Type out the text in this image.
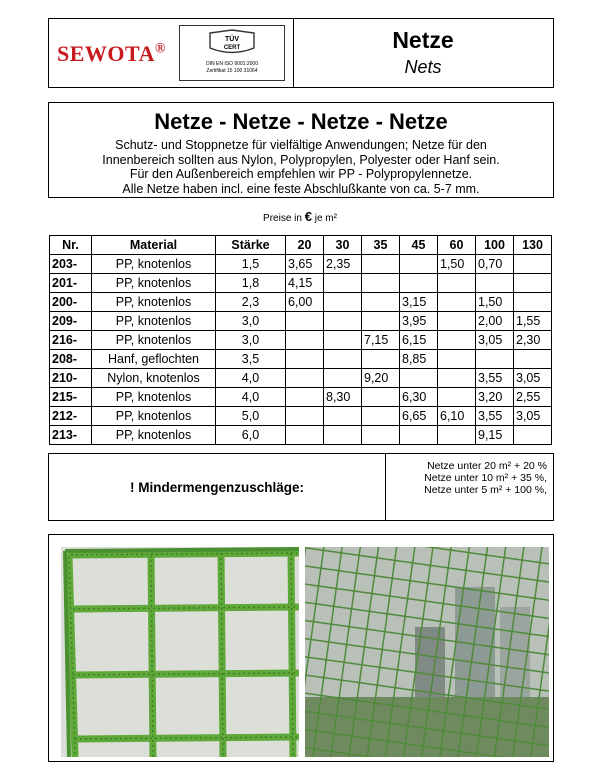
SEWOTA®
TÜV
CERT
DIN EN ISO 9001:2000
Zertifikat 15 100 31064
Netze
Nets
Netze - Netze - Netze - Netze
Schutz- und Stoppnetze für vielfältige Anwendungen; Netze für den
Innenbereich sollten aus Nylon, Polypropylen, Polyester oder Hanf sein.
Für den Außenbereich empfehlen wir PP - Polypropylennetze.
Alle Netze haben incl. eine feste Abschlußkante von ca. 5-7 mm.
Preise in € je m²
Nr.	Material	Stärke	20	30	35	45	60	100	130
203-	PP, knotenlos	1,5	3,65	2,35			1,50	0,70	
201-	PP, knotenlos	1,8	4,15						
200-	PP, knotenlos	2,3	6,00			3,15		1,50	
209-	PP, knotenlos	3,0				3,95		2,00	1,55
216-	PP, knotenlos	3,0			7,15	6,15		3,05	2,30
208-	Hanf, geflochten	3,5				8,85			
210-	Nylon, knotenlos	4,0			9,20			3,55	3,05
215-	PP, knotenlos	4,0		8,30		6,30		3,20	2,55
212-	PP, knotenlos	5,0				6,65	6,10	3,55	3,05
213-	PP, knotenlos	6,0						9,15	
! Mindermengenzuschläge:
Netze unter 20 m² + 20 %
Netze unter 10 m² + 35 %,
Netze unter 5 m² + 100 %,
